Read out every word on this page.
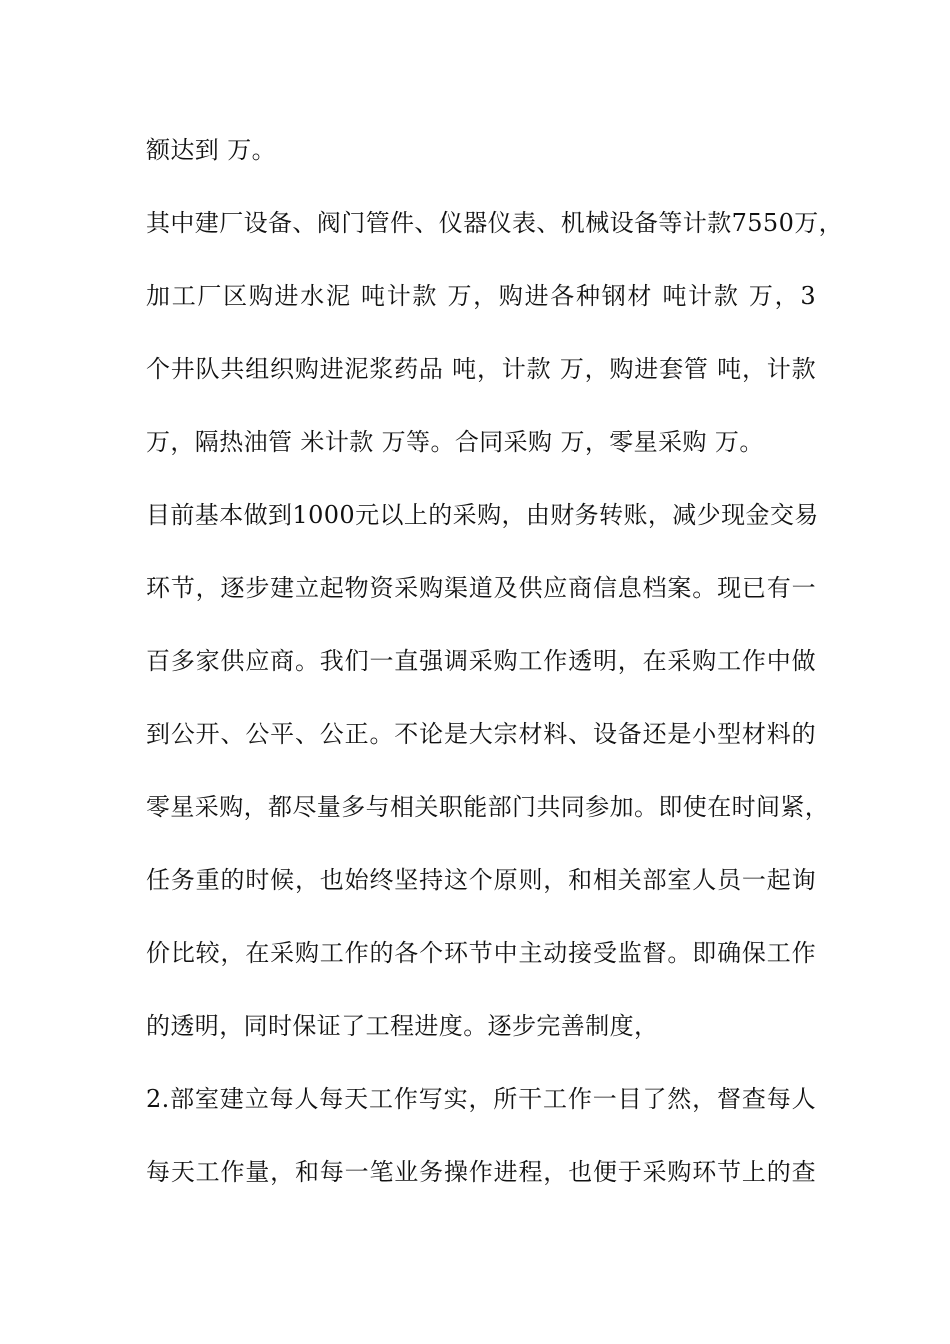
额达到 万。
其中建厂设备、阀门管件、仪器仪表、机械设备等计款7550万，
加工厂区购进水泥 吨计款 万，购进各种钢材 吨计款 万，3
个井队共组织购进泥浆药品 吨，计款 万，购进套管 吨，计款
万，隔热油管 米计款 万等。合同采购 万，零星采购 万。
目前基本做到1000元以上的采购，由财务转账，减少现金交易
环节，逐步建立起物资采购渠道及供应商信息档案。现已有一
百多家供应商。我们一直强调采购工作透明，在采购工作中做
到公开、公平、公正。不论是大宗材料、设备还是小型材料的
零星采购，都尽量多与相关职能部门共同参加。即使在时间紧，
任务重的时候，也始终坚持这个原则，和相关部室人员一起询
价比较，在采购工作的各个环节中主动接受监督。即确保工作
的透明，同时保证了工程进度。逐步完善制度，
2.部室建立每人每天工作写实，所干工作一目了然，督查每人
每天工作量，和每一笔业务操作进程，也便于采购环节上的查
